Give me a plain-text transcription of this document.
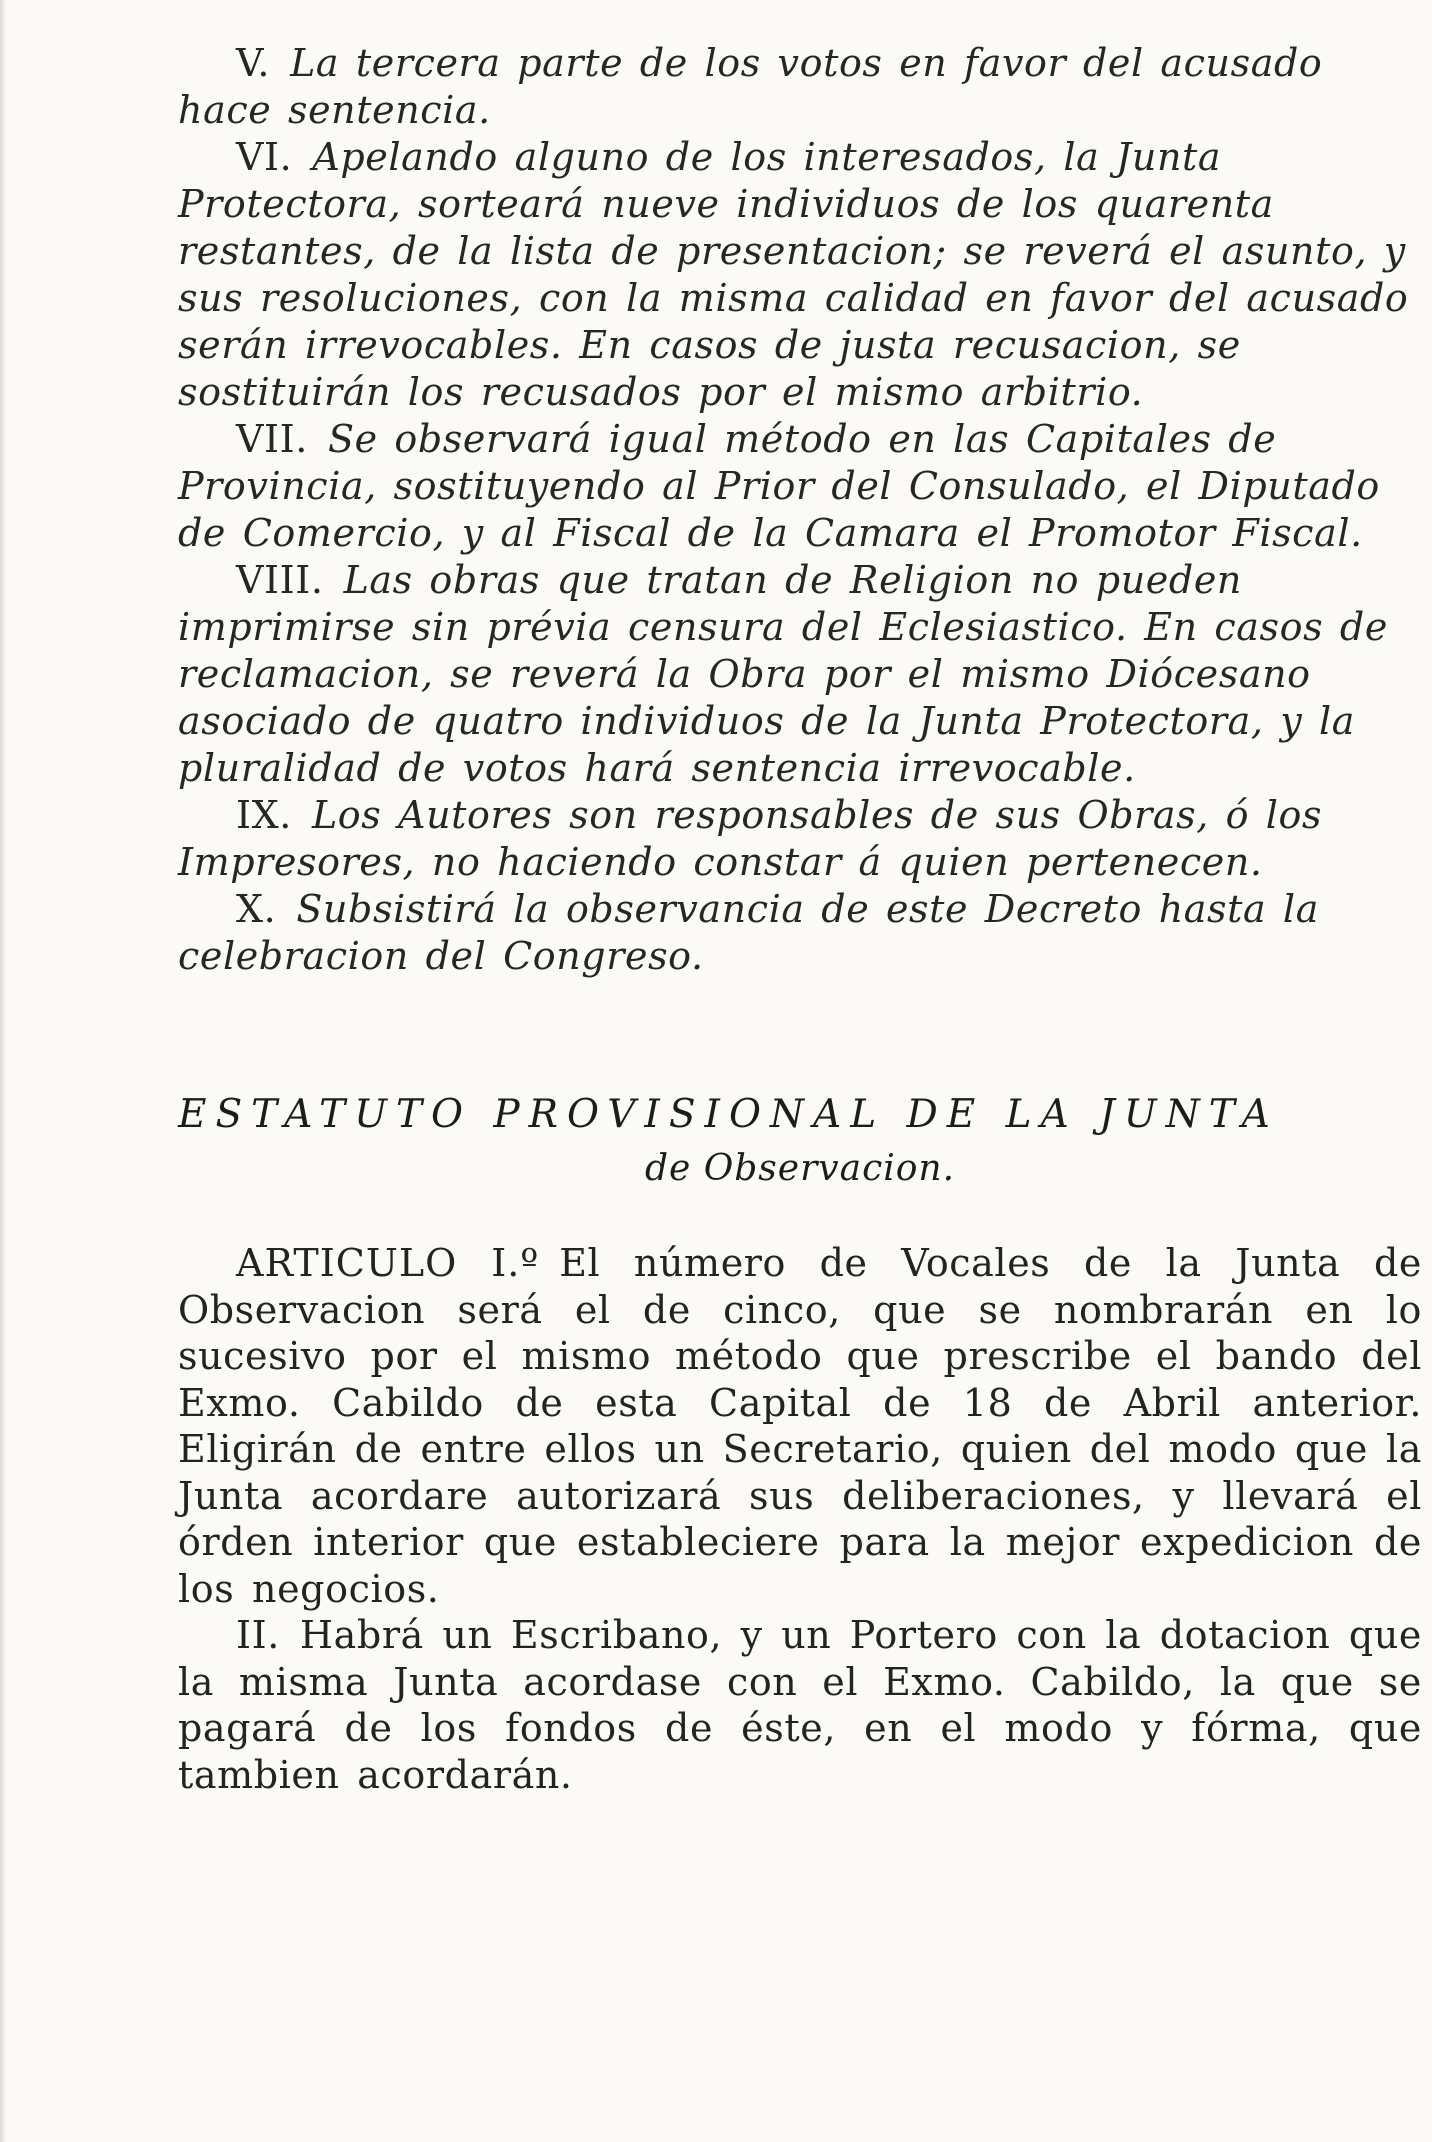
V. La tercera parte de los votos en favor del acusado hace sentencia.

VI. Apelando alguno de los interesados, la Junta Protectora, sorteará nueve individuos de los quarenta restantes, de la lista de presentacion; se reverá el asunto, y sus resoluciones, con la misma calidad en favor del acusado serán irrevocables. En casos de justa recusacion, se sostituirán los recusados por el mismo arbitrio.

VII. Se observará igual método en las Capitales de Provincia, sostituyendo al Prior del Consulado, el Diputado de Comercio, y al Fiscal de la Camara el Promotor Fiscal.

VIII. Las obras que tratan de Religion no pueden imprimirse sin prévia censura del Eclesiastico. En casos de reclamacion, se reverá la Obra por el mismo Diócesano asociado de quatro individuos de la Junta Protectora, y la pluralidad de votos hará sentencia irrevocable.

IX. Los Autores son responsables de sus Obras, ó los Impresores, no haciendo constar á quien pertenecen.

X. Subsistirá la observancia de este Decreto hasta la celebracion del Congreso.

ESTATUTO PROVISIONAL DE LA JUNTA
de Observacion.

ARTICULO I.º El número de Vocales de la Junta de Observacion será el de cinco, que se nombrarán en lo sucesivo por el mismo método que prescribe el bando del Exmo. Cabildo de esta Capital de 18 de Abril anterior. Eligirán de entre ellos un Secretario, quien del modo que la Junta acordare autorizará sus deliberaciones, y llevará el órden interior que estableciere para la mejor expedicion de los negocios.

II. Habrá un Escribano, y un Portero con la dotacion que la misma Junta acordase con el Exmo. Cabildo, la que se pagará de los fondos de éste, en el modo y fórma, que tambien acordarán.
